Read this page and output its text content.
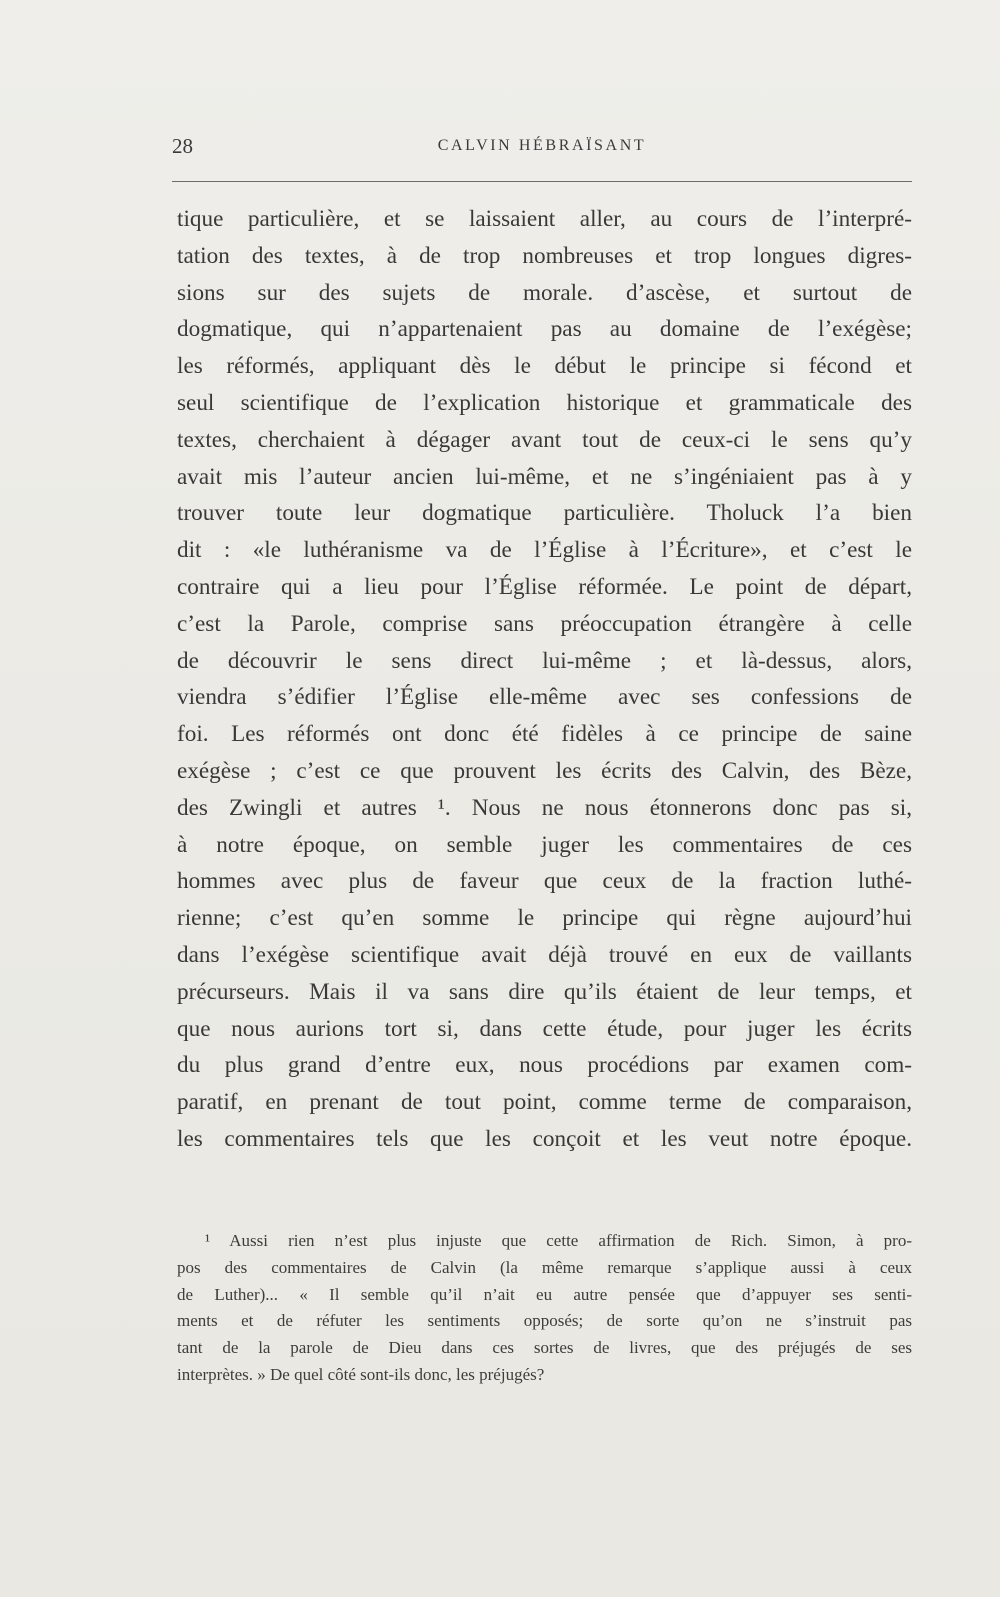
28	CALVIN HÉBRAÏSANT
tique particulière, et se laissaient aller, au cours de l’interpré-
tation des textes, à de trop nombreuses et trop longues digres-
sions sur des sujets de morale. d’ascèse, et surtout de
dogmatique, qui n’appartenaient pas au domaine de l’exégèse;
les réformés, appliquant dès le début le principe si fécond et
seul scientifique de l’explication historique et grammaticale des
textes, cherchaient à dégager avant tout de ceux-ci le sens qu’y
avait mis l’auteur ancien lui-même, et ne s’ingéniaient pas à y
trouver toute leur dogmatique particulière. Tholuck l’a bien
dit : «le luthéranisme va de l’Église à l’Écriture», et c’est le
contraire qui a lieu pour l’Église réformée. Le point de départ,
c’est la Parole, comprise sans préoccupation étrangère à celle
de découvrir le sens direct lui-même ; et là-dessus, alors,
viendra s’édifier l’Église elle-même avec ses confessions de
foi. Les réformés ont donc été fidèles à ce principe de saine
exégèse ; c’est ce que prouvent les écrits des Calvin, des Bèze,
des Zwingli et autres ¹. Nous ne nous étonnerons donc pas si,
à notre époque, on semble juger les commentaires de ces
hommes avec plus de faveur que ceux de la fraction luthé-
rienne; c’est qu’en somme le principe qui règne aujourd’hui
dans l’exégèse scientifique avait déjà trouvé en eux de vaillants
précurseurs. Mais il va sans dire qu’ils étaient de leur temps, et
que nous aurions tort si, dans cette étude, pour juger les écrits
du plus grand d’entre eux, nous procédions par examen com-
paratif, en prenant de tout point, comme terme de comparaison,
les commentaires tels que les conçoit et les veut notre époque.
¹ Aussi rien n’est plus injuste que cette affirmation de Rich. Simon, à pro-
pos des commentaires de Calvin (la même remarque s’applique aussi à ceux
de Luther)... « Il semble qu’il n’ait eu autre pensée que d’appuyer ses senti-
ments et de réfuter les sentiments opposés; de sorte qu’on ne s’instruit pas
tant de la parole de Dieu dans ces sortes de livres, que des préjugés de ses
interprètes. » De quel côté sont-ils donc, les préjugés?
